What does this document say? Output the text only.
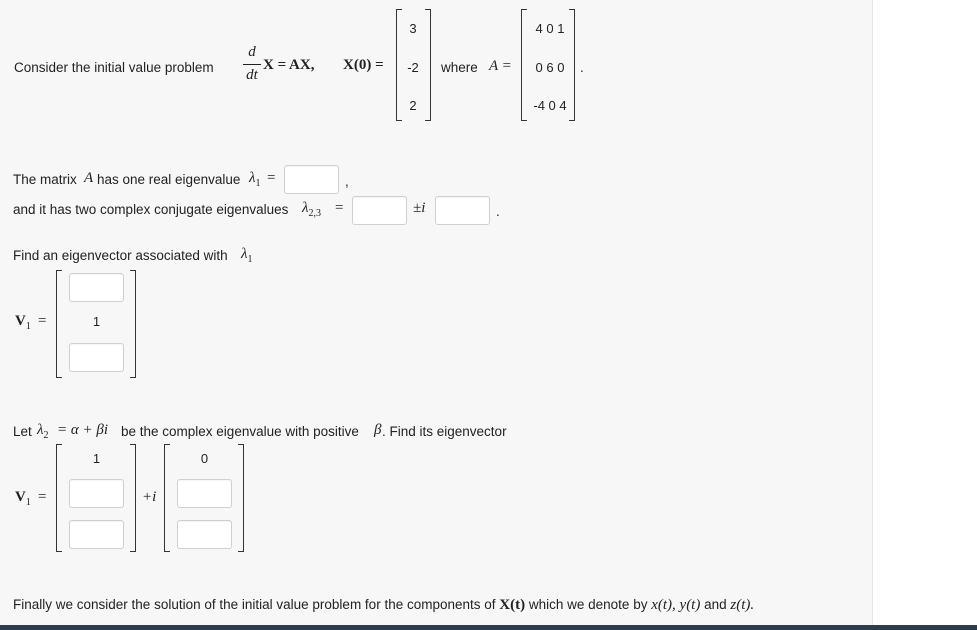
Consider the initial value problem
d
dt
X = AX, X(0) =
3
-2
2
where A =
4 0 1
0 6 0
-4 0 4
.
The matrix A has one real eigenvalue $\lambda_1$ =	,
and it has two complex conjugate eigenvalues $\lambda_{2,3}$ =	±i	.
Find an eigenvector associated with $\lambda_1$
$V_1$ =	1
Let $\lambda_2 = \alpha + \beta i$ be the complex eigenvalue with positive β . Find its eigenvector
$V_1$ =
1
+i
0
Finally we consider the solution of the initial value problem for the components of X(t) which we denote by x(t), y(t) and z(t).
